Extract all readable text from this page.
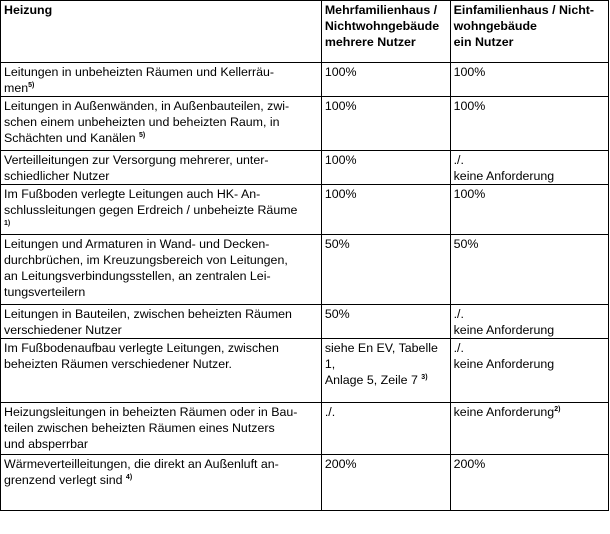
Heizung	Mehrfamilienhaus /
Nichtwohngebäude
mehrere Nutzer	Einfamilienhaus / Nicht-
wohngebäude
ein Nutzer
Leitungen in unbeheizten Räumen und Kellerräu-
men$^{5)}$	100%	100%
Leitungen in Außenwänden, in Außenbauteilen, zwi-
schen einem unbeheizten und beheizten Raum, in
Schächten und Kanälen $^{5)}$	100%	100%
Verteilleitungen zur Versorgung mehrerer, unter-
schiedlicher Nutzer	100%	./.
keine Anforderung
Im Fußboden verlegte Leitungen auch HK- An-
schlussleitungen gegen Erdreich / unbeheizte Räume
$^{1)}$	100%	100%
Leitungen und Armaturen in Wand- und Decken-
durchbrüchen, im Kreuzungsbereich von Leitungen,
an Leitungsverbindungsstellen, an zentralen Lei-
tungsverteilern	50%	50%
Leitungen in Bauteilen, zwischen beheizten Räumen
verschiedener Nutzer	50%	./.
keine Anforderung
Im Fußbodenaufbau verlegte Leitungen, zwischen
beheizten Räumen verschiedener Nutzer.	siehe En EV, Tabelle
1,
Anlage 5, Zeile 7 $^{3)}$	./.
keine Anforderung
Heizungsleitungen in beheizten Räumen oder in Bau-
teilen zwischen beheizten Räumen eines Nutzers
und absperrbar	./.	keine Anforderung$^{2)}$
Wärmeverteilleitungen, die direkt an Außenluft an-
grenzend verlegt sind $^{4)}$	200%	200%
